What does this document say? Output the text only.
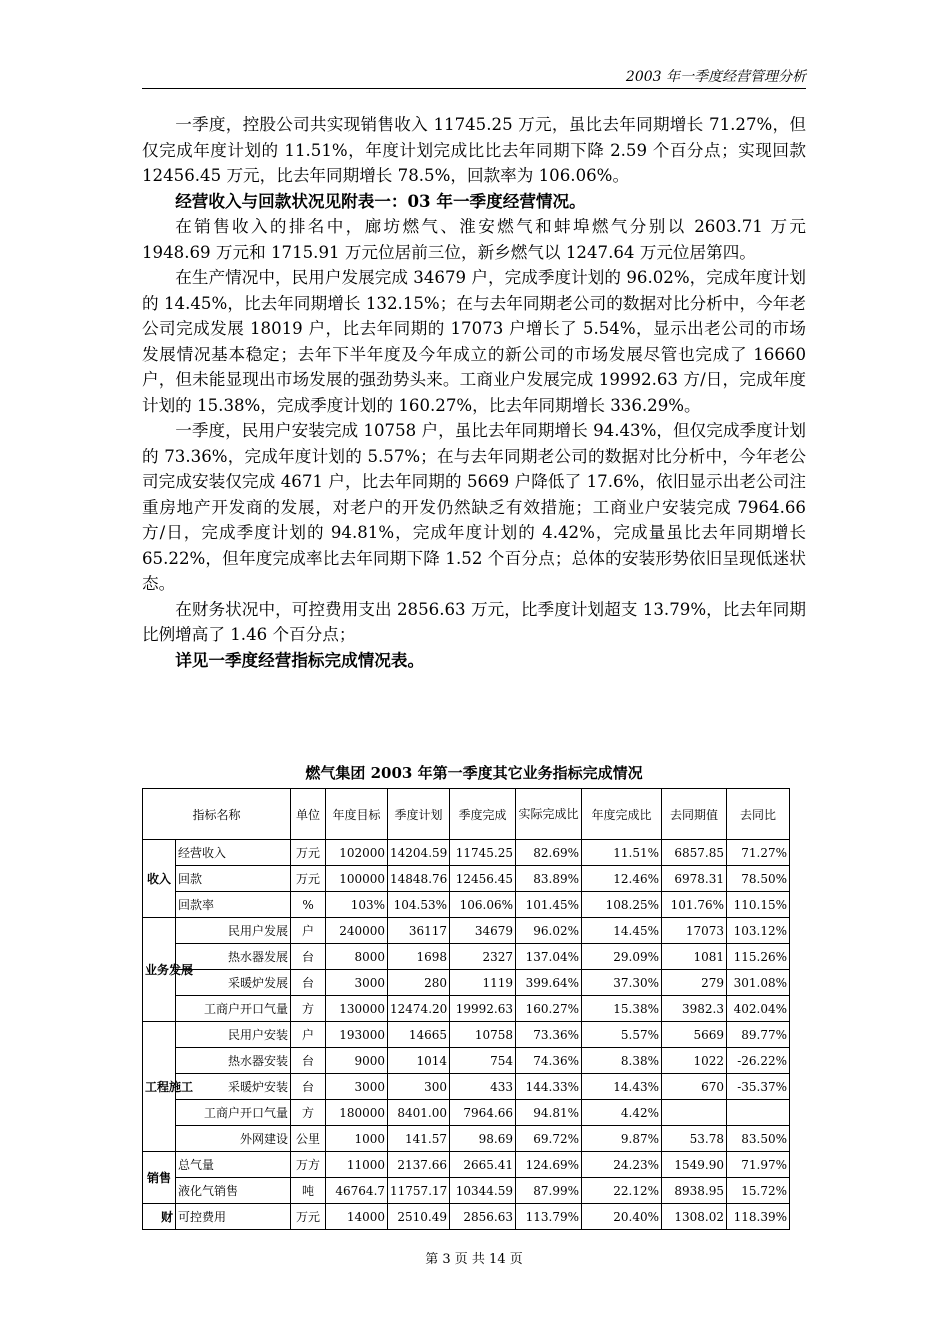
2003 年一季度经营管理分析

一季度，控股公司共实现销售收入 11745.25 万元，虽比去年同期增长 71.27%，但仅完成年度计划的 11.51%，年度计划完成比比去年同期下降 2.59 个百分点；实现回款 12456.45 万元，比去年同期增长 78.5%，回款率为 106.06%。

经营收入与回款状况见附表一：03 年一季度经营情况。

在销售收入的排名中，廊坊燃气、淮安燃气和蚌埠燃气分别以 2603.71 万元 1948.69 万元和 1715.91 万元位居前三位，新乡燃气以 1247.64 万元位居第四。

在生产情况中，民用户发展完成 34679 户，完成季度计划的 96.02%，完成年度计划的 14.45%，比去年同期增长 132.15%；在与去年同期老公司的数据对比分析中，今年老公司完成发展 18019 户，比去年同期的 17073 户增长了 5.54%，显示出老公司的市场发展情况基本稳定；去年下半年度及今年成立的新公司的市场发展尽管也完成了 16660 户，但未能显现出市场发展的强劲势头来。工商业户发展完成 19992.63 方/日，完成年度计划的 15.38%，完成季度计划的 160.27%，比去年同期增长 336.29%。

一季度，民用户安装完成 10758 户，虽比去年同期增长 94.43%，但仅完成季度计划的 73.36%，完成年度计划的 5.57%；在与去年同期老公司的数据对比分析中，今年老公司完成安装仅完成 4671 户，比去年同期的 5669 户降低了 17.6%，依旧显示出老公司注重房地产开发商的发展，对老户的开发仍然缺乏有效措施；工商业户安装完成 7964.66 方/日，完成季度计划的 94.81%，完成年度计划的 4.42%，完成量虽比去年同期增长 65.22%，但年度完成率比去年同期下降 1.52 个百分点；总体的安装形势依旧呈现低迷状态。

在财务状况中，可控费用支出 2856.63 万元，比季度计划超支 13.79%，比去年同期比例增高了 1.46 个百分点；

详见一季度经营指标完成情况表。

燃气集团 2003 年第一季度其它业务指标完成情况
指标名称		单位	年度目标	季度计划	季度完成	实际完成比	年度完成比	去同期值	去同比
收入	经营收入	万元	102000	14204.59	11745.25	82.69%	11.51%	6857.85	71.27%
	回款	万元	100000	14848.76	12456.45	83.89%	12.46%	6978.31	78.50%
	回款率	%	103%	104.53%	106.06%	101.45%	108.25%	101.76%	110.15%
业务发展	民用户发展	户	240000	36117	34679	96.02%	14.45%	17073	103.12%
	热水器发展	台	8000	1698	2327	137.04%	29.09%	1081	115.26%
	采暖炉发展	台	3000	280	1119	399.64%	37.30%	279	301.08%
	工商户开口气量	方	130000	12474.20	19992.63	160.27%	15.38%	3982.3	402.04%
工程施工	民用户安装	户	193000	14665	10758	73.36%	5.57%	5669	89.77%
	热水器安装	台	9000	1014	754	74.36%	8.38%	1022	-26.22%
	采暖炉安装	台	3000	300	433	144.33%	14.43%	670	-35.37%
	工商户开口气量	方	180000	8401.00	7964.66	94.81%	4.42%		
	外网建设	公里	1000	141.57	98.69	69.72%	9.87%	53.78	83.50%
销售	总气量	万方	11000	2137.66	2665.41	124.69%	24.23%	1549.90	71.97%
	液化气销售	吨	46764.7	11757.17	10344.59	87.99%	22.12%	8938.95	15.72%
财	可控费用	万元	14000	2510.49	2856.63	113.79%	20.40%	1308.02	118.39%
第 3 页 共 14 页
